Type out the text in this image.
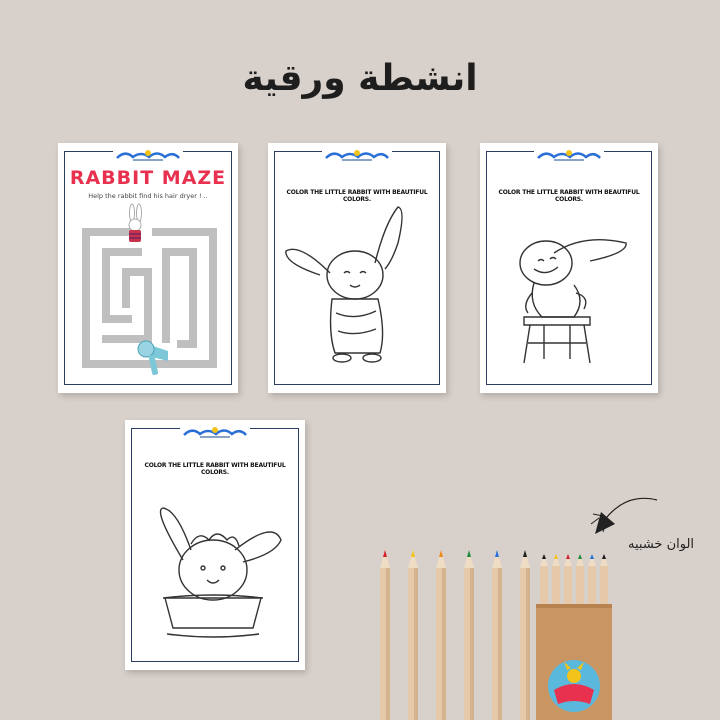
انشطة ورقية
RABBIT MAZE
Help the rabbit find his hair dryer ! ..	COLOR THE LITTLE RABBIT WITH BEAUTIFUL COLORS.
COLOR THE LITTLE RABBIT WITH BEAUTIFUL COLORS.
COLOR THE LITTLE RABBIT WITH BEAUTIFUL COLORS.
الوان خشبيه
